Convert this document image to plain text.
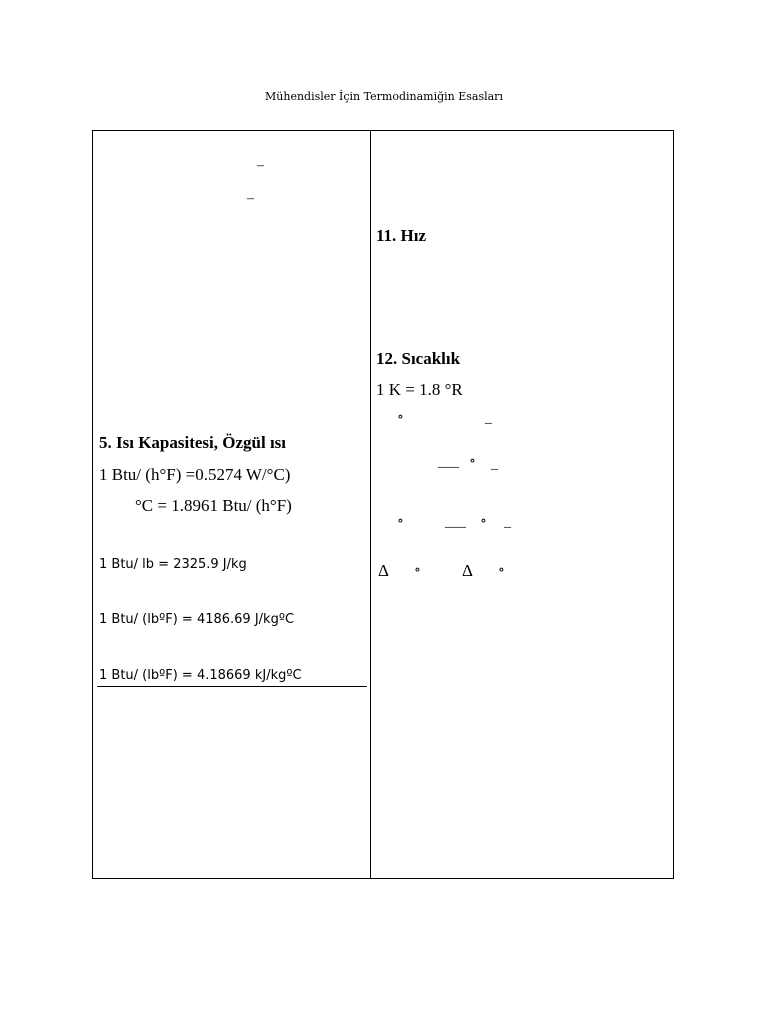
Mühendisler İçin Termodinamiğin Esasları
–
–
5. Isı Kapasitesi, Özgül ısı
1 Btu/ (h°F) =0.5274 W/°C)
°C = 1.8961 Btu/ (h°F)
1 Btu/ lb = 2325.9 J/kg
1 Btu/ (lbºF) = 4186.69 J/kgºC
1 Btu/ (lbºF) = 4.18669 kJ/kgºC
11. Hız
12. Sıcaklık
1 K = 1.8 °R
∘	_
___ ∘ _
∘	___ ∘ _
Δ ∘ Δ ∘
